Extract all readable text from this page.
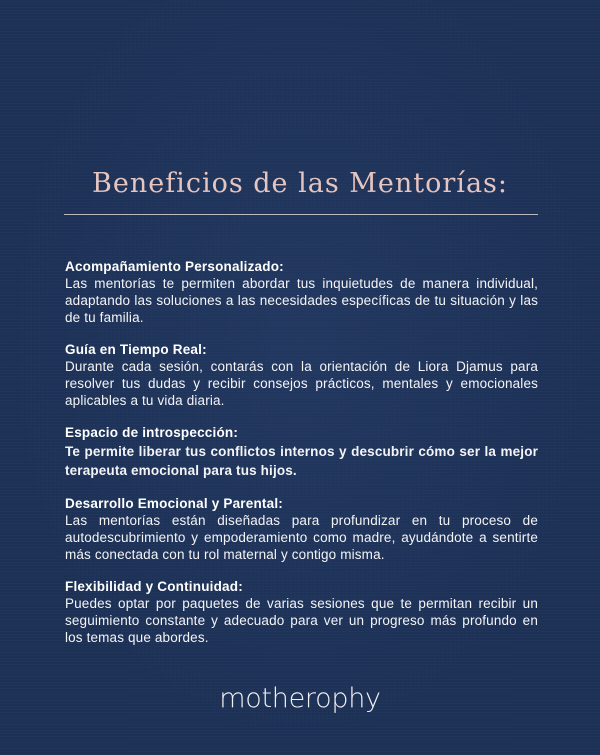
Beneficios de las Mentorías:
Acompañamiento Personalizado:

Las mentorías te permiten abordar tus inquietudes de manera individual, adaptando las soluciones a las necesidades específicas de tu situación y las de tu familia.

Guía en Tiempo Real:

Durante cada sesión, contarás con la orientación de Liora Djamus para resolver tus dudas y recibir consejos prácticos, mentales y emocionales aplicables a tu vida diaria.

Espacio de introspección:

Te permite liberar tus conflictos internos y descubrir cómo ser la mejor terapeuta emocional para tus hijos.

Desarrollo Emocional y Parental:

Las mentorías están diseñadas para profundizar en tu proceso de autodescubrimiento y empoderamiento como madre, ayudándote a sentirte más conectada con tu rol maternal y contigo misma.

Flexibilidad y Continuidad:

Puedes optar por paquetes de varias sesiones que te permitan recibir un seguimiento constante y adecuado para ver un progreso más profundo en los temas que abordes.

motherophy
